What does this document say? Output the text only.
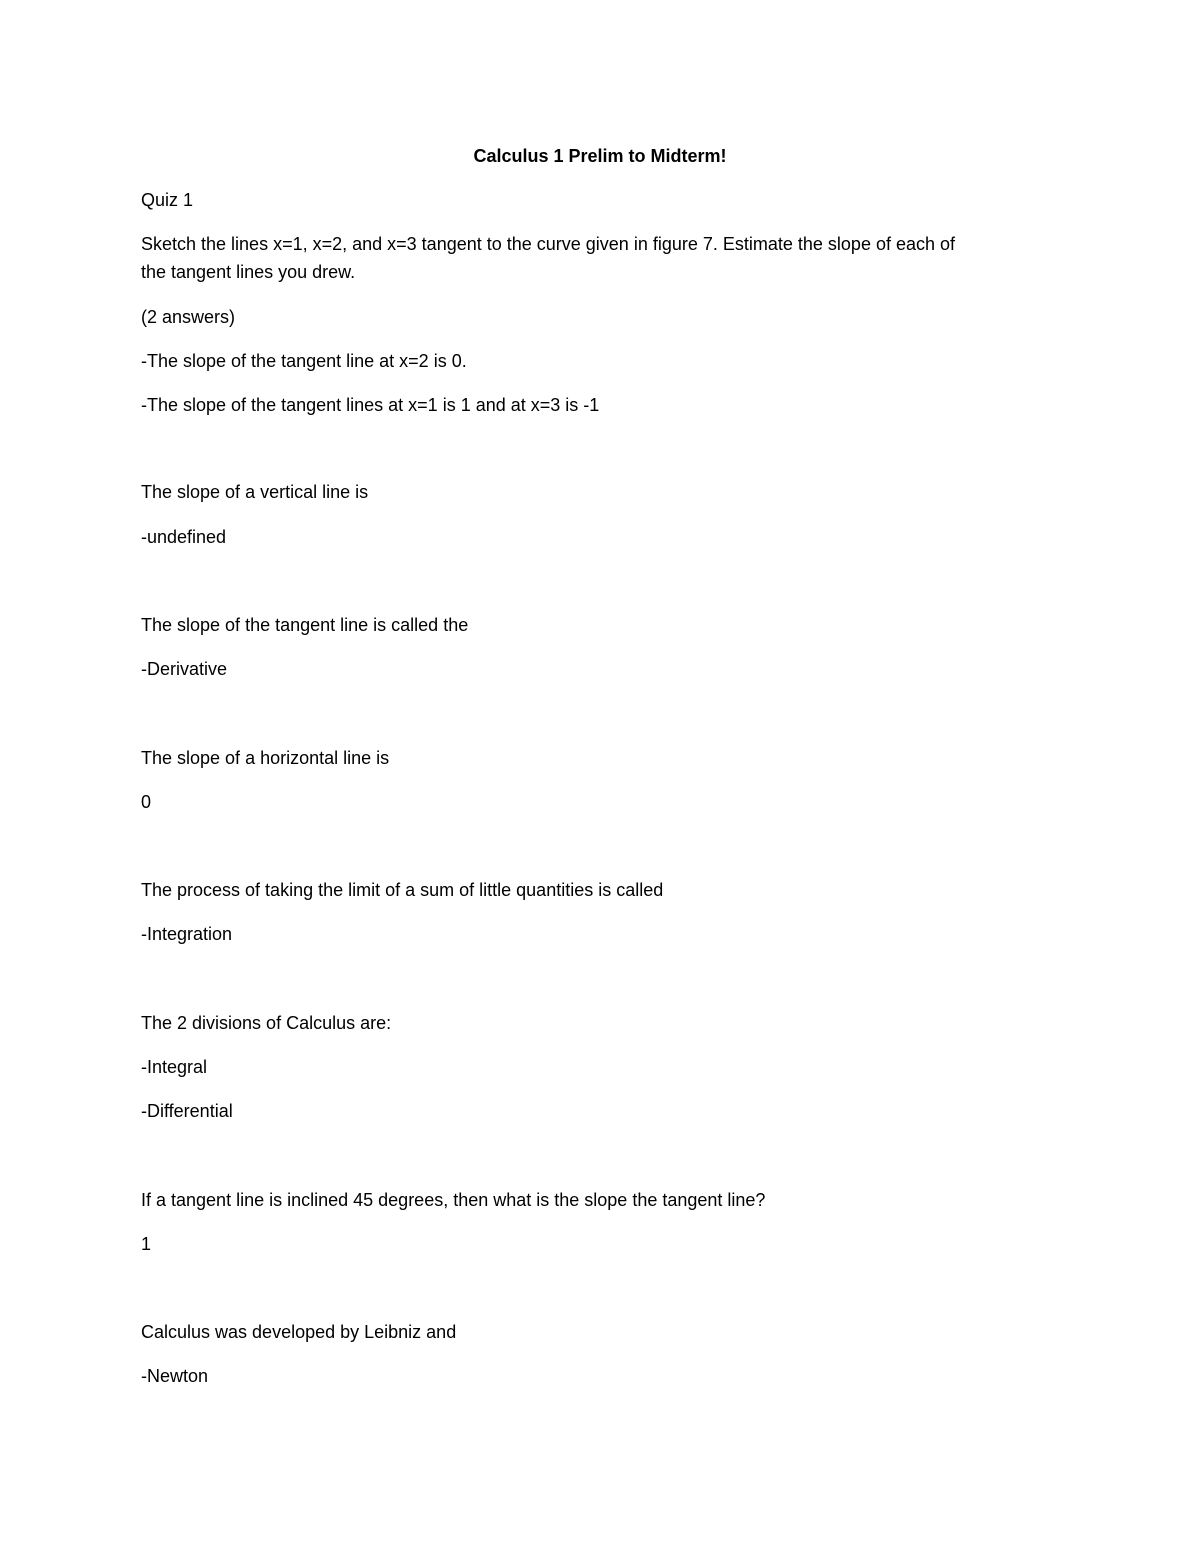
Calculus 1 Prelim to Midterm!
Quiz 1
Sketch the lines x=1, x=2, and x=3 tangent to the curve given in figure 7. Estimate the slope of each of
the tangent lines you drew.
(2 answers)
-The slope of the tangent line at x=2 is 0.
-The slope of the tangent lines at x=1 is 1 and at x=3 is -1
The slope of a vertical line is
-undefined
The slope of the tangent line is called the
-Derivative
The slope of a horizontal line is
0
The process of taking the limit of a sum of little quantities is called
-Integration
The 2 divisions of Calculus are:
-Integral
-Differential
If a tangent line is inclined 45 degrees, then what is the slope the tangent line?
1
Calculus was developed by Leibniz and
-Newton
